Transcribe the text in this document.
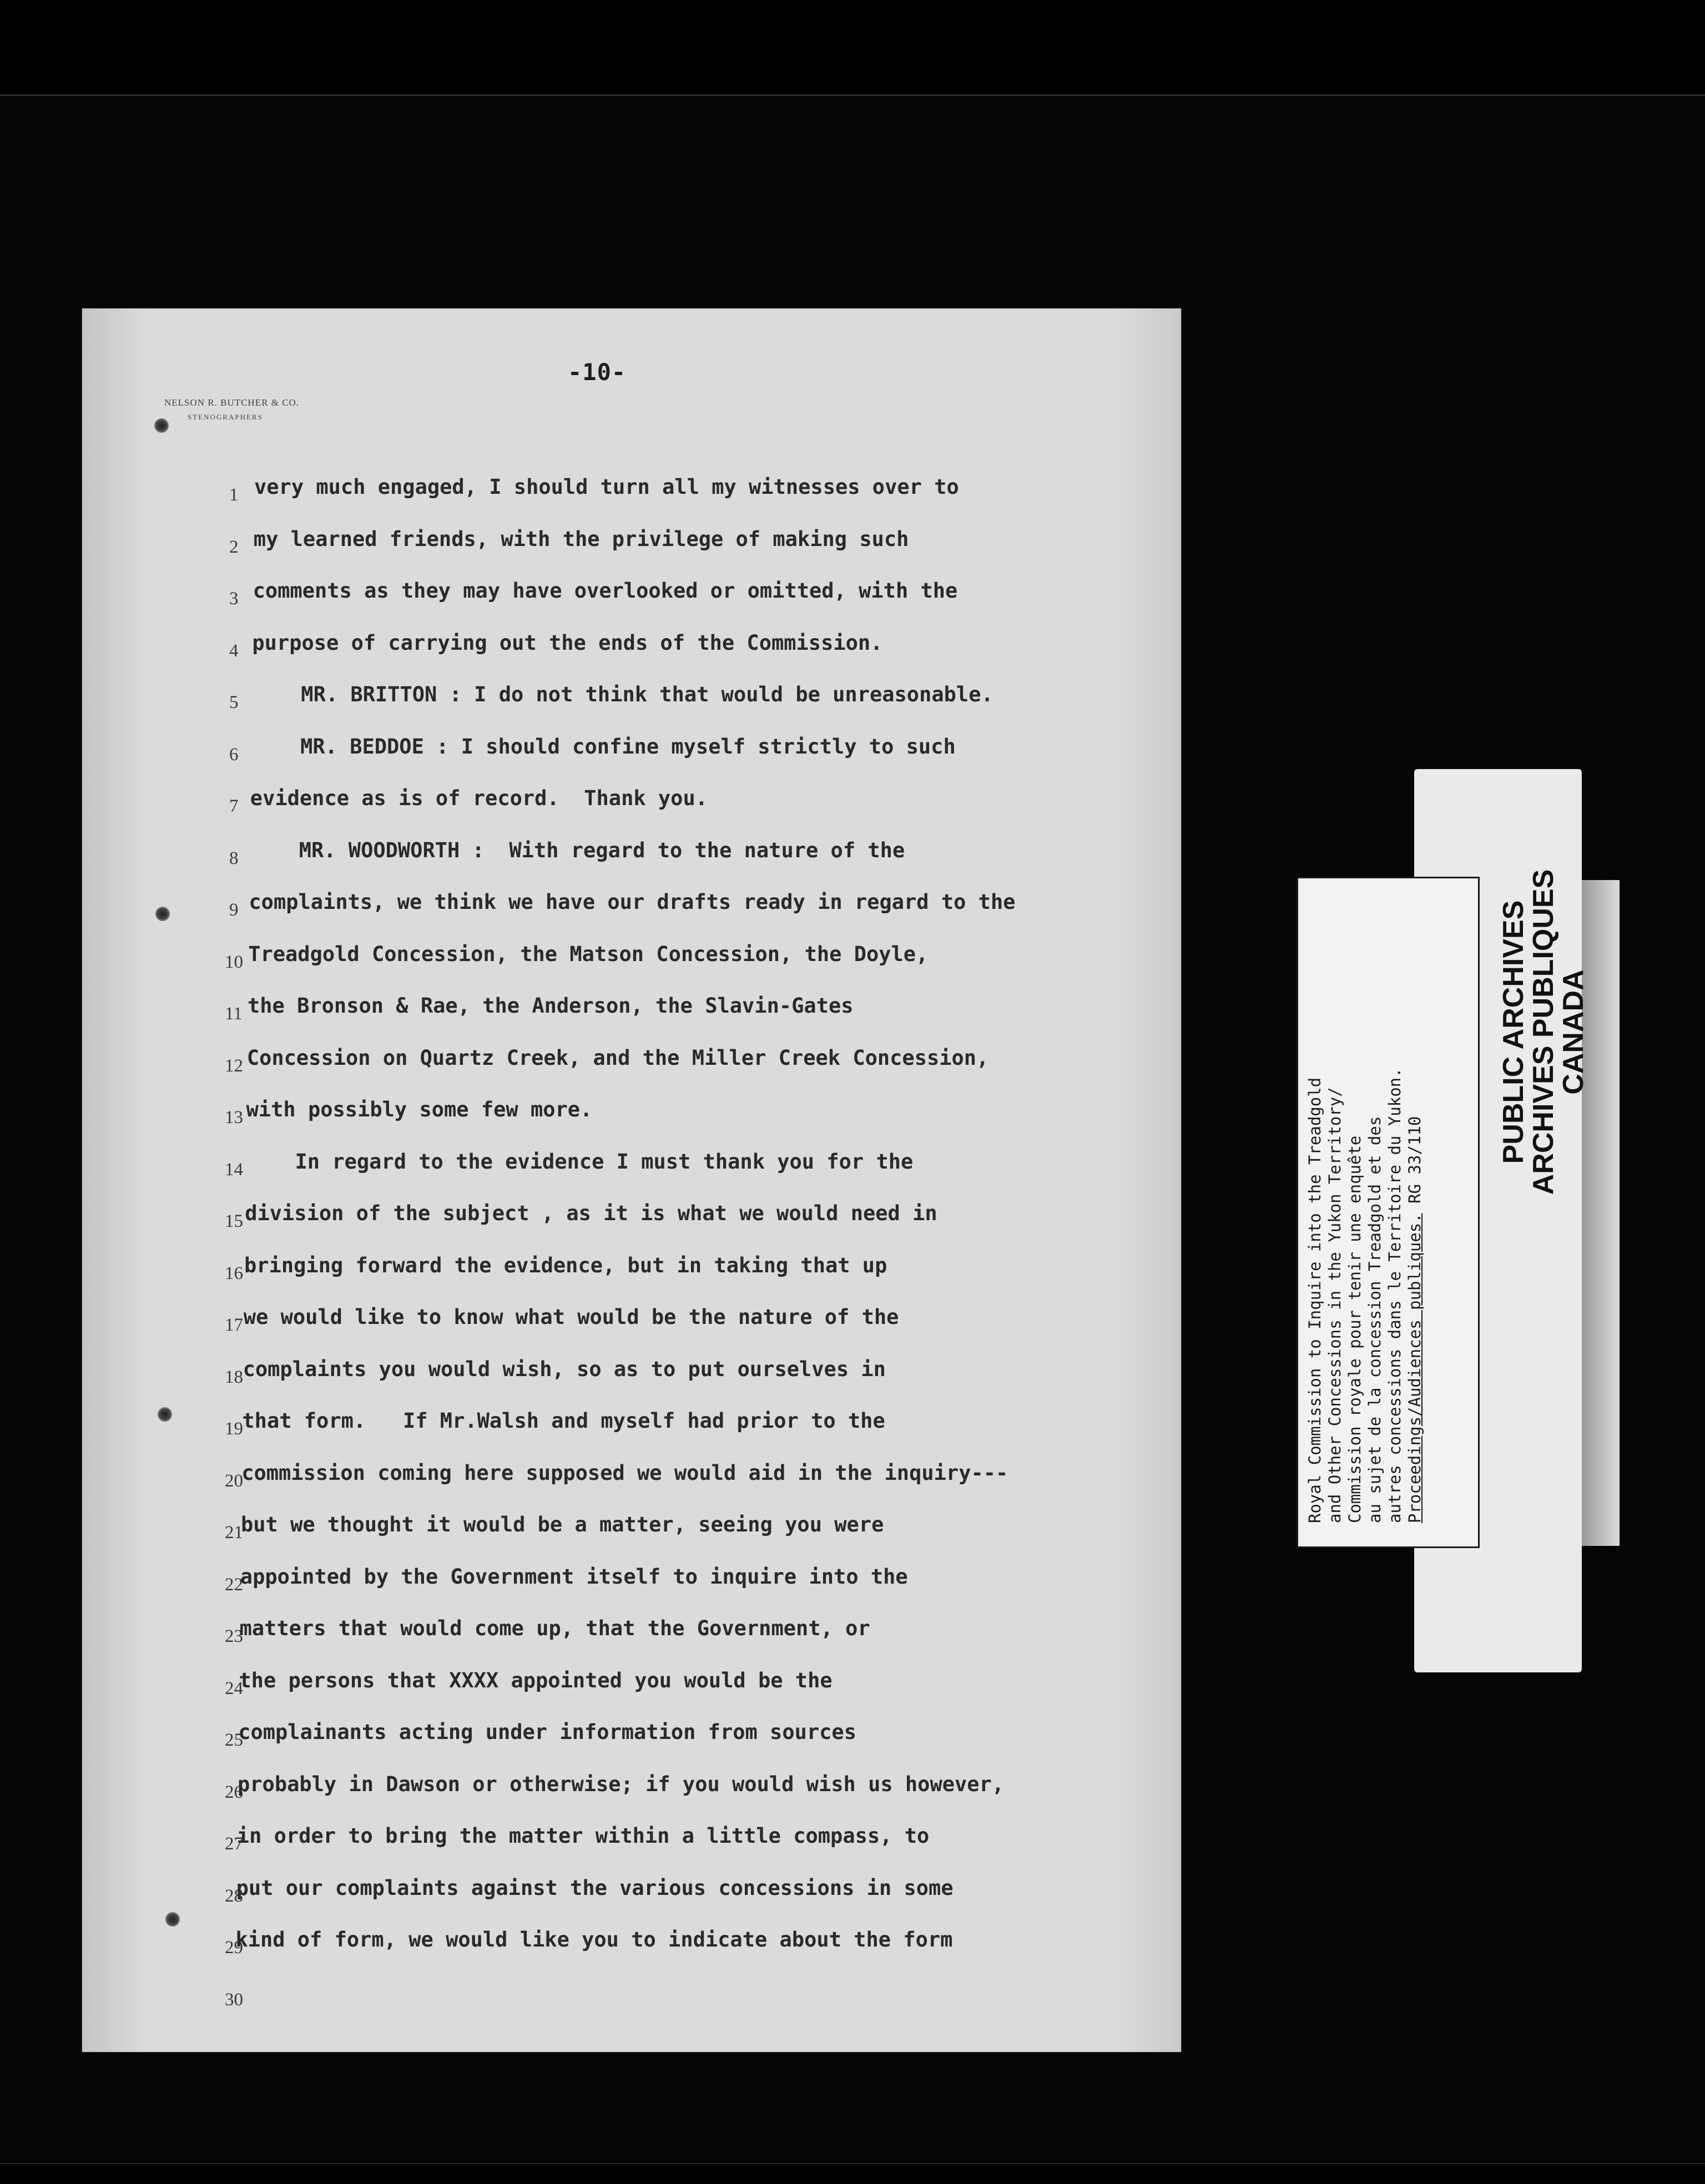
-10-
NELSON R. BUTCHER & CO.
STENOGRAPHERS
1 very much engaged, I should turn all my witnesses over to
2 my learned friends, with the privilege of making such
3 comments as they may have overlooked or omitted, with the
4 purpose of carrying out the ends of the Commission.
5 MR. BRITTON : I do not think that would be unreasonable.
6 MR. BEDDOE : I should confine myself strictly to such
7 evidence as is of record.  Thank you.
8 MR. WOODWORTH :  With regard to the nature of the
9 complaints, we think we have our drafts ready in regard to the
10 Treadgold Concession, the Matson Concession, the Doyle,
11 the Bronson & Rae, the Anderson, the Slavin-Gates
12 Concession on Quartz Creek, and the Miller Creek Concession,
13 with possibly some few more.
14 In regard to the evidence I must thank you for the
15 division of the subject , as it is what we would need in
16 bringing forward the evidence, but in taking that up
17 we would like to know what would be the nature of the
18 complaints you would wish, so as to put ourselves in
19
that form.   If Mr.Walsh and myself had prior to the
20
commission coming here supposed we would aid in the inquiry---
21
but we thought it would be a matter, seeing you were
22
appointed by the Government itself to inquire into the
23
matters that would come up, that the Government, or
24
the persons that XXXX appointed you would be the
25
complainants acting under information from sources
26
probably in Dawson or otherwise; if you would wish us however,
27
in order to bring the matter within a little compass, to
28
put our complaints against the various concessions in some
29
kind of form, we would like you to indicate about the form
30
Royal Commission to Inquire into the Treadgold and Other Concessions in the Yukon Territory/ Commission royale pour tenir une enquête au sujet de la concession Treadgold et des autres concessions dans le Territoire du Yukon. Proceedings/Audiences publiques. RG 33/110	PUBLIC ARCHIVES
ARCHIVES PUBLIQUES
CANADA
